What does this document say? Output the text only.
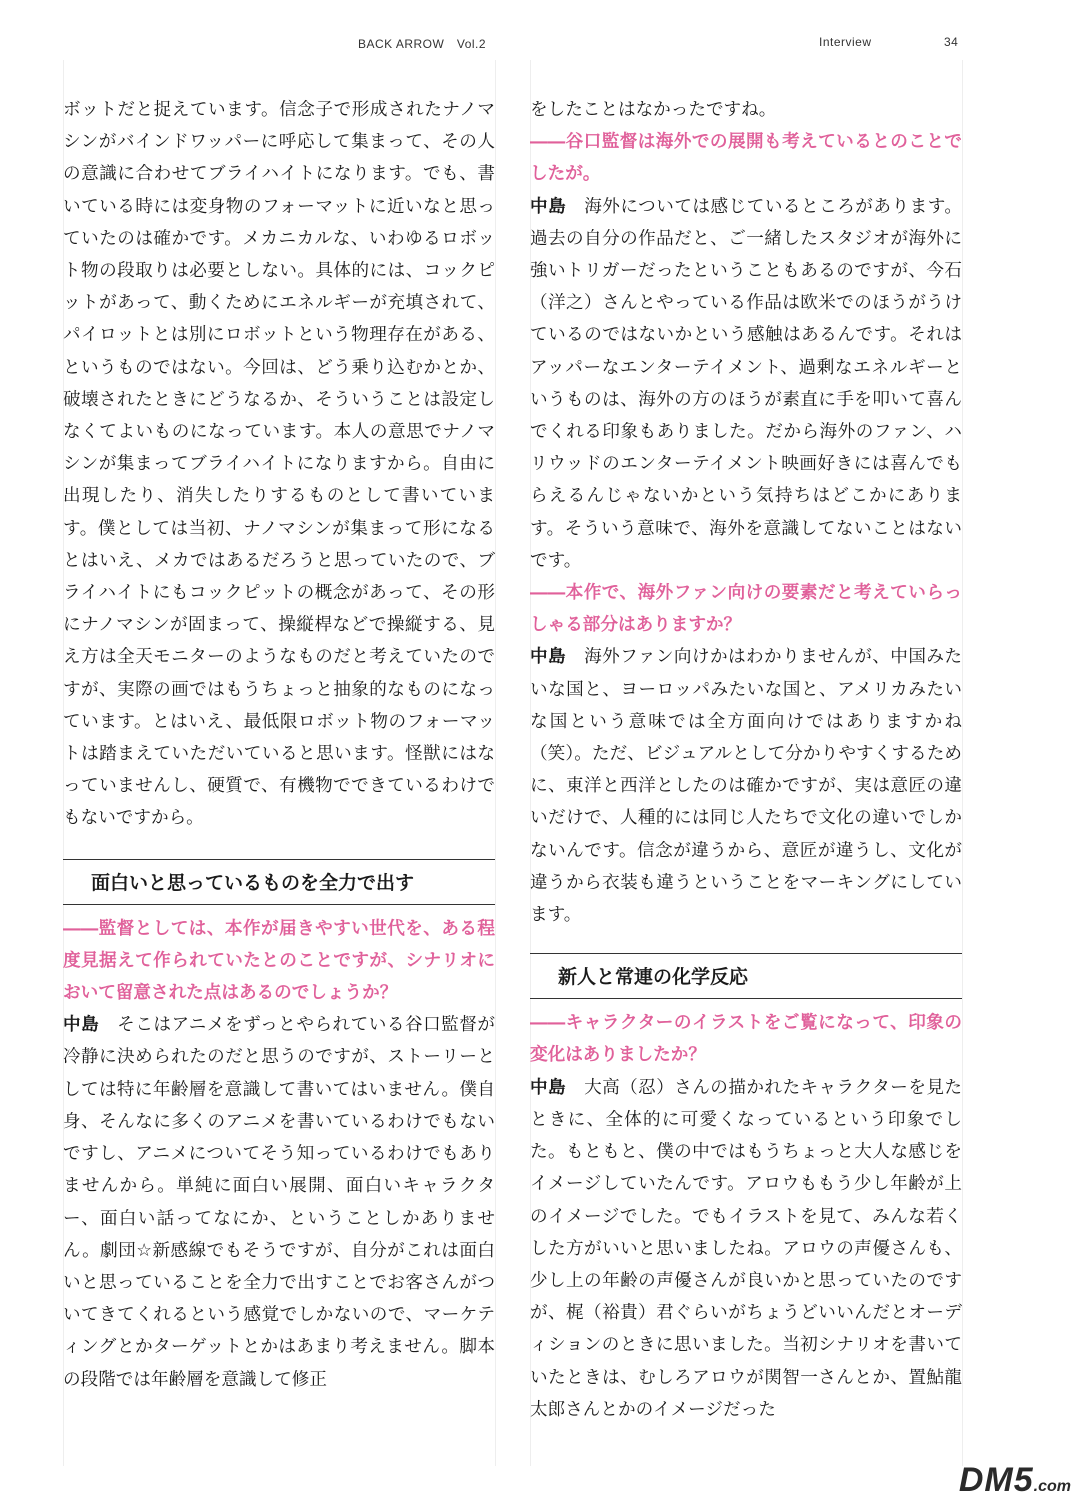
BACK ARROW　Vol.2	Interview	34

ボットだと捉えています。信念子で形成されたナノマシンがバインドワッパーに呼応して集まって、その人の意識に合わせてブライハイトになります。でも、書いている時には変身物のフォーマットに近いなと思っていたのは確かです。メカニカルな、いわゆるロボット物の段取りは必要としない。具体的には、コックピットがあって、動くためにエネルギーが充填されて、パイロットとは別にロボットという物理存在がある、というものではない。今回は、どう乗り込むかとか、破壊されたときにどうなるか、そういうことは設定しなくてよいものになっています。本人の意思でナノマシンが集まってブライハイトになりますから。自由に出現したり、消失したりするものとして書いています。僕としては当初、ナノマシンが集まって形になるとはいえ、メカではあるだろうと思っていたので、ブライハイトにもコックピットの概念があって、その形にナノマシンが固まって、操縦桿などで操縦する、見え方は全天モニターのようなものだと考えていたのですが、実際の画ではもうちょっと抽象的なものになっています。とはいえ、最低限ロボット物のフォーマットは踏まえていただいていると思います。怪獣にはなっていませんし、硬質で、有機物でできているわけでもないですから。

面白いと思っているものを全力で出す

――監督としては、本作が届きやすい世代を、ある程度見据えて作られていたとのことですが、シナリオにおいて留意された点はあるのでしょうか？

中島 そこはアニメをずっとやられている谷口監督が冷静に決められたのだと思うのですが、ストーリーとしては特に年齢層を意識して書いてはいません。僕自身、そんなに多くのアニメを書いているわけでもないですし、アニメについてそう知っているわけでもありませんから。単純に面白い展開、面白いキャラクター、面白い話ってなにか、ということしかありません。劇団☆新感線でもそうですが、自分がこれは面白いと思っていることを全力で出すことでお客さんがついてきてくれるという感覚でしかないので、マーケティングとかターゲットとかはあまり考えません。脚本の段階では年齢層を意識して修正

をしたことはなかったですね。

――谷口監督は海外での展開も考えているとのことでしたが。

中島 海外については感じているところがあります。過去の自分の作品だと、ご一緒したスタジオが海外に強いトリガーだったということもあるのですが、今石（洋之）さんとやっている作品は欧米でのほうがうけているのではないかという感触はあるんです。それはアッパーなエンターテイメント、過剰なエネルギーというものは、海外の方のほうが素直に手を叩いて喜んでくれる印象もありました。だから海外のファン、ハリウッドのエンターテイメント映画好きには喜んでもらえるんじゃないかという気持ちはどこかにあります。そういう意味で、海外を意識してないことはないです。

――本作で、海外ファン向けの要素だと考えていらっしゃる部分はありますか？

中島 海外ファン向けかはわかりませんが、中国みたいな国と、ヨーロッパみたいな国と、アメリカみたいな国という意味では全方面向けではありますかね（笑）。ただ、ビジュアルとして分かりやすくするために、東洋と西洋としたのは確かですが、実は意匠の違いだけで、人種的には同じ人たちで文化の違いでしかないんです。信念が違うから、意匠が違うし、文化が違うから衣装も違うということをマーキングにしています。

新人と常連の化学反応

――キャラクターのイラストをご覧になって、印象の変化はありましたか？

中島 大高（忍）さんの描かれたキャラクターを見たときに、全体的に可愛くなっているという印象でした。もともと、僕の中ではもうちょっと大人な感じをイメージしていたんです。アロウももう少し年齢が上のイメージでした。でもイラストを見て、みんな若くした方がいいと思いましたね。アロウの声優さんも、少し上の年齢の声優さんが良いかと思っていたのですが、梶（裕貴）君ぐらいがちょうどいいんだとオーディションのときに思いました。当初シナリオを書いていたときは、むしろアロウが関智一さんとか、置鮎龍太郎さんとかのイメージだった

DM5.com
